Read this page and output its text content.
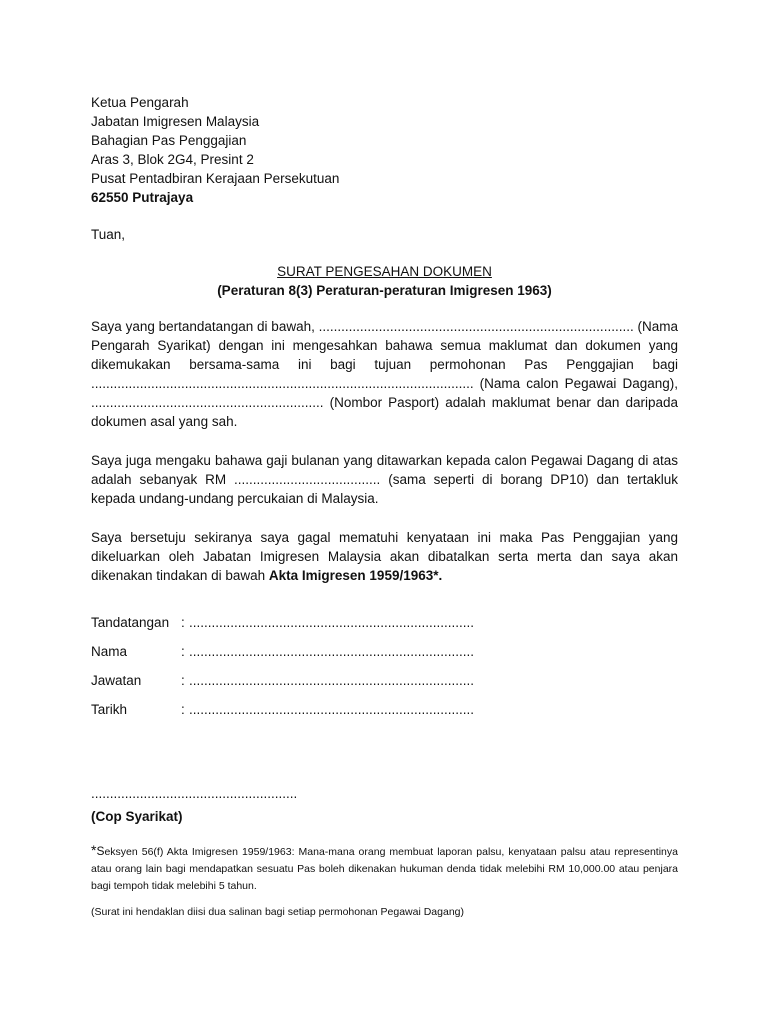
Ketua Pengarah
Jabatan Imigresen Malaysia
Bahagian Pas Penggajian
Aras 3, Blok 2G4, Presint 2
Pusat Pentadbiran Kerajaan Persekutuan
62550 Putrajaya
Tuan,
SURAT PENGESAHAN DOKUMEN
(Peraturan 8(3) Peraturan-peraturan Imigresen 1963)

Saya yang bertandatangan di bawah, .................................................................................... (Nama Pengarah Syarikat) dengan ini mengesahkan bahawa semua maklumat dan dokumen yang dikemukakan bersama-sama ini bagi tujuan permohonan Pas Penggajian bagi ...................................................................................................... (Nama calon Pegawai Dagang), .............................................................. (Nombor Pasport) adalah maklumat benar dan daripada dokumen asal yang sah.

Saya juga mengaku bahawa gaji bulanan yang ditawarkan kepada calon Pegawai Dagang di atas adalah sebanyak RM ....................................... (sama seperti di borang DP10) dan tertakluk kepada undang-undang percukaian di Malaysia.

Saya bersetuju sekiranya saya gagal mematuhi kenyataan ini maka Pas Penggajian yang dikeluarkan oleh Jabatan Imigresen Malaysia akan dibatalkan serta merta dan saya akan dikenakan tindakan di bawah Akta Imigresen 1959/1963*.

Tandatangan : ............................................................................
Nama	: ............................................................................
Jawatan	: ............................................................................
Tarikh	: ............................................................................
.......................................................
(Cop Syarikat)
*Seksyen 56(f) Akta Imigresen 1959/1963: Mana-mana orang membuat laporan palsu, kenyataan palsu atau representinya atau orang lain bagi mendapatkan sesuatu Pas boleh dikenakan hukuman denda tidak melebihi RM 10,000.00 atau penjara bagi tempoh tidak melebihi 5 tahun.
(Surat ini hendaklan diisi dua salinan bagi setiap permohonan Pegawai Dagang)
